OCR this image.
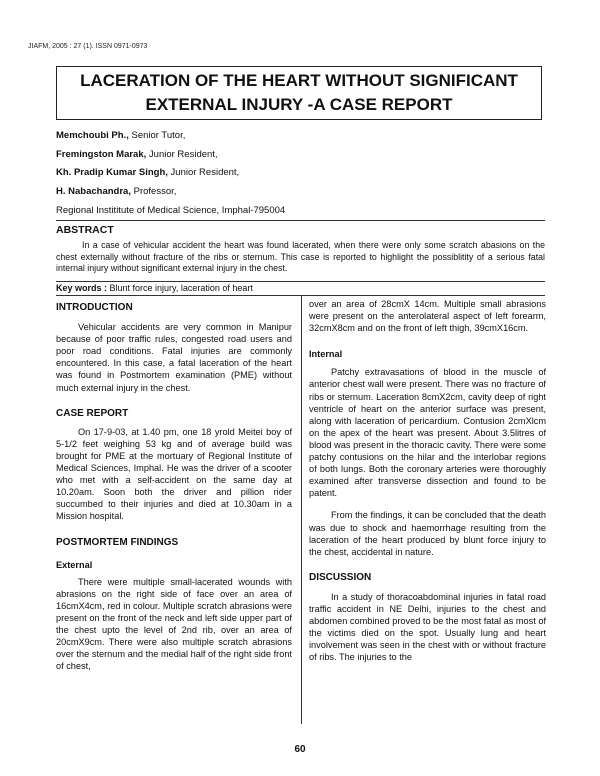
JIAFM, 2005 : 27 (1). ISSN 0971-0973
LACERATION OF THE HEART WITHOUT SIGNIFICANT
EXTERNAL INJURY -A CASE REPORT
Memchoubi Ph., Senior Tutor,
Fremingston Marak, Junior Resident,
Kh. Pradip Kumar Singh, Junior Resident,
H. Nabachandra, Professor,
Regional Instititute of Medical Science, Imphal-795004
ABSTRACT

In a case of vehicular accident the heart was found lacerated, when there were only some scratch abasions on the chest externally without fracture of the ribs or sternum. This case is reported to highlight the possiblitity of a serious fatal internal injury without significant external injury in the chest.

Key words : Blunt force injury, laceration of heart
INTRODUCTION

Vehicular accidents are very common in Manipur because of poor traffic rules, congested road users and poor road conditions. Fatal injuries are commonly encountered. In this case, a fatal laceration of the heart was found in Postmortem examination (PME) without much external injury in the chest.

CASE REPORT

On 17-9-03, at 1.40 pm, one 18 yrold Meitei boy of 5-1/2 feet weighing 53 kg and of average build was brought for PME at the mortuary of Regional Institute of Medical Sciences, Imphal. He was the driver of a scooter who met with a self-accident on the same day at 10.20am. Soon both the driver and pillion rider succumbed to their injuries and died at 10.30am in a Mission hospital.

POSTMORTEM FINDINGS
External

There were multiple small-lacerated wounds with abrasions on the right side of face over an area of 16cmX4cm, red in colour. Multiple scratch abrasions were present on the front of the neck and left side upper part of the chest upto the level of 2nd rib, over an area of 20cmX9cm. There were also multiple scratch abrasions over the sternum and the medial half of the right side front of chest,

over an area of 28cmX 14cm. Multiple small abrasions were present on the anterolateral aspect of left forearm, 32cmX8cm and on the front of left thigh, 39cmX16cm.

Internal

Patchy extravasations of blood in the muscle of anterior chest wall were present. There was no fracture of ribs or sternum. Laceration 8cmX2cm, cavity deep of right ventricle of heart on the anterior surface was present, along with laceration of pericardium. Contusion 2cmXlcm on the apex of the heart was present. About 3.5litres of blood was present in the thoracic cavity. There were some patchy contusions on the hilar and the interlobar regions of both lungs. Both the coronary arteries were thoroughly examined after transverse dissection and found to be patent.

From the findings, it can be concluded that the death was due to shock and haemorrhage resulting from the laceration of the heart produced by blunt force injury to the chest, accidental in nature.

DISCUSSION

In a study of thoracoabdominal injuries in fatal road traffic accident in NE Delhi, injuries to the chest and abdomen combined proved to be the most fatal as most of the victims died on the spot. Usually lung and heart involvement was seen in the chest with or without fracture of ribs. The injuries to the

60
